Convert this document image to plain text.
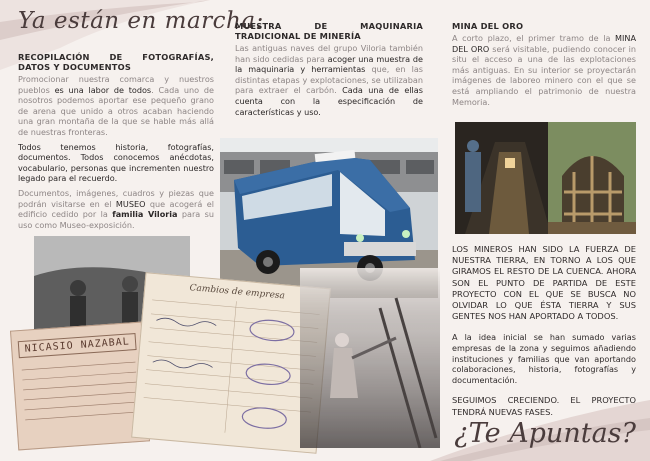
Ya están en marcha:
RECOPILACIÓN DE FOTOGRAFÍAS, DATOS Y DOCUMENTOS

Promocionar nuestra comarca y nuestros pueblos es una labor de todos. Cada uno de nosotros podemos aportar ese pequeño grano de arena que unido a otros acaban haciendo una gran montaña de la que se hable más allá de nuestras fronteras.

Todos tenemos historia, fotografías, documentos. Todos conocemos anécdotas, vocabulario, personas que incrementen nuestro legado para el recuerdo.

Documentos, imágenes, cuadros y piezas que podrán visitarse en el MUSEO que acogerá el edificio cedido por la familia Viloria para su uso como Museo-exposición.

MUESTRA DE MAQUINARIA TRADICIONAL DE MINERÍA

Las antiguas naves del grupo Viloria también han sido cedidas para acoger una muestra de la maquinaria y herramientas que, en las distintas etapas y explotaciones, se utilizaban para extraer el carbón. Cada una de ellas cuenta con la especificación de características y uso.

MINA DEL ORO

A corto plazo, el primer tramo de la MINA DEL ORO será visitable, pudiendo conocer in situ el acceso a una de las explotaciones más antiguas. En su interior se proyectarán imágenes de laboreo minero con el que se está ampliando el patrimonio de nuestra Memoria.

LOS MINEROS HAN SIDO LA FUERZA DE NUESTRA TIERRA, EN TORNO A LOS QUE GIRAMOS EL RESTO DE LA CUENCA. AHORA SON EL PUNTO DE PARTIDA DE ESTE PROYECTO CON EL QUE SE BUSCA NO OLVIDAR LO QUE ÉSTA TIERRA Y SUS GENTES NOS HAN APORTADO A TODOS.

A la idea inicial se han sumado varias empresas de la zona y seguimos añadiendo instituciones y familias que van aportando colaboraciones, historia, fotografías y documentación.

SEGUIMOS CRECIENDO. EL PROYECTO TENDRÁ NUEVAS FASES.

NICASIO NAZABAL
Cambios de empresa
¿Te Apuntas?
